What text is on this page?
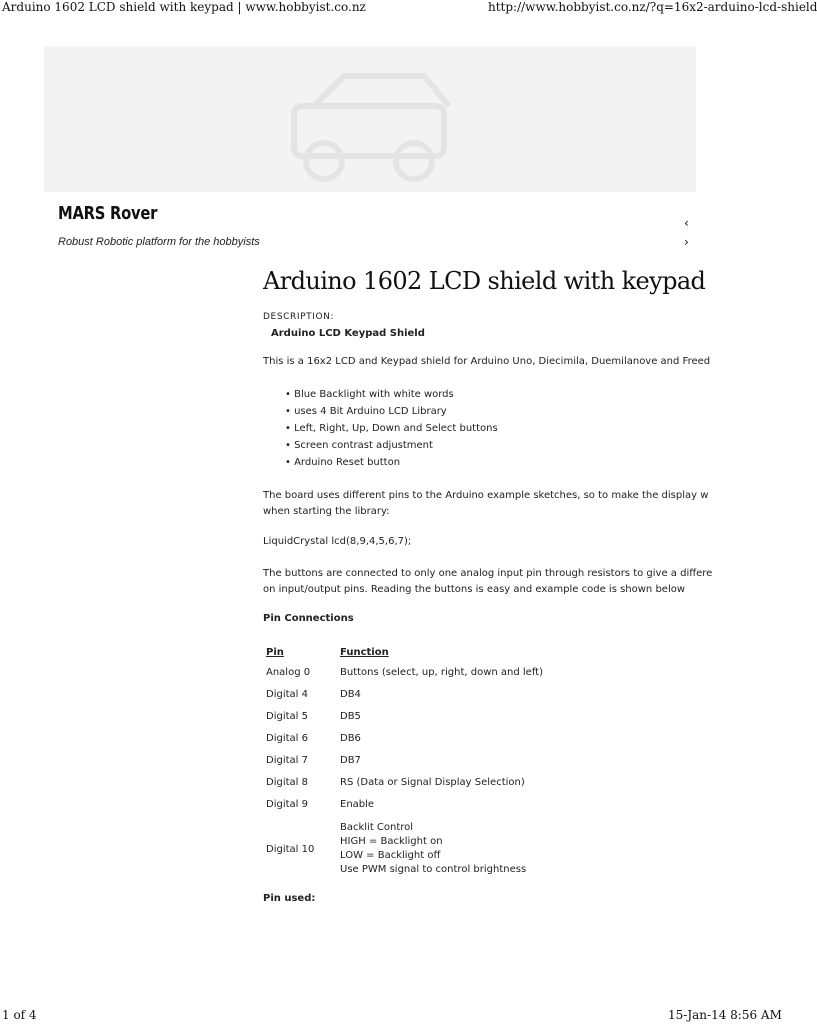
Arduino 1602 LCD shield with keypad | www.hobbyist.co.nz	http://www.hobbyist.co.nz/?q=16x2-arduino-lcd-shield
MARS Rover
Robust Robotic platform for the hobbyists
‹
›
Arduino 1602 LCD shield with keypad
DESCRIPTION:
Arduino LCD Keypad Shield
This is a 16x2 LCD and Keypad shield for Arduino Uno, Diecimila, Duemilanove and Freed
• Blue Backlight with white words
• uses 4 Bit Arduino LCD Library
• Left, Right, Up, Down and Select buttons
• Screen contrast adjustment
• Arduino Reset button
The board uses different pins to the Arduino example sketches, so to make the display w
when starting the library:
LiquidCrystal lcd(8,9,4,5,6,7);
The buttons are connected to only one analog input pin through resistors to give a differe
on input/output pins. Reading the buttons is easy and example code is shown below
Pin Connections
Pin	Function
Analog 0	Buttons (select, up, right, down and left)
Digital 4	DB4
Digital 5	DB5
Digital 6	DB6
Digital 7	DB7
Digital 8	RS (Data or Signal Display Selection)
Digital 9	Enable
Digital 10	Backlit Control
HIGH = Backlight on
LOW = Backlight off
Use PWM signal to control brightness
Pin used:
1 of 4	15-Jan-14 8:56 AM
